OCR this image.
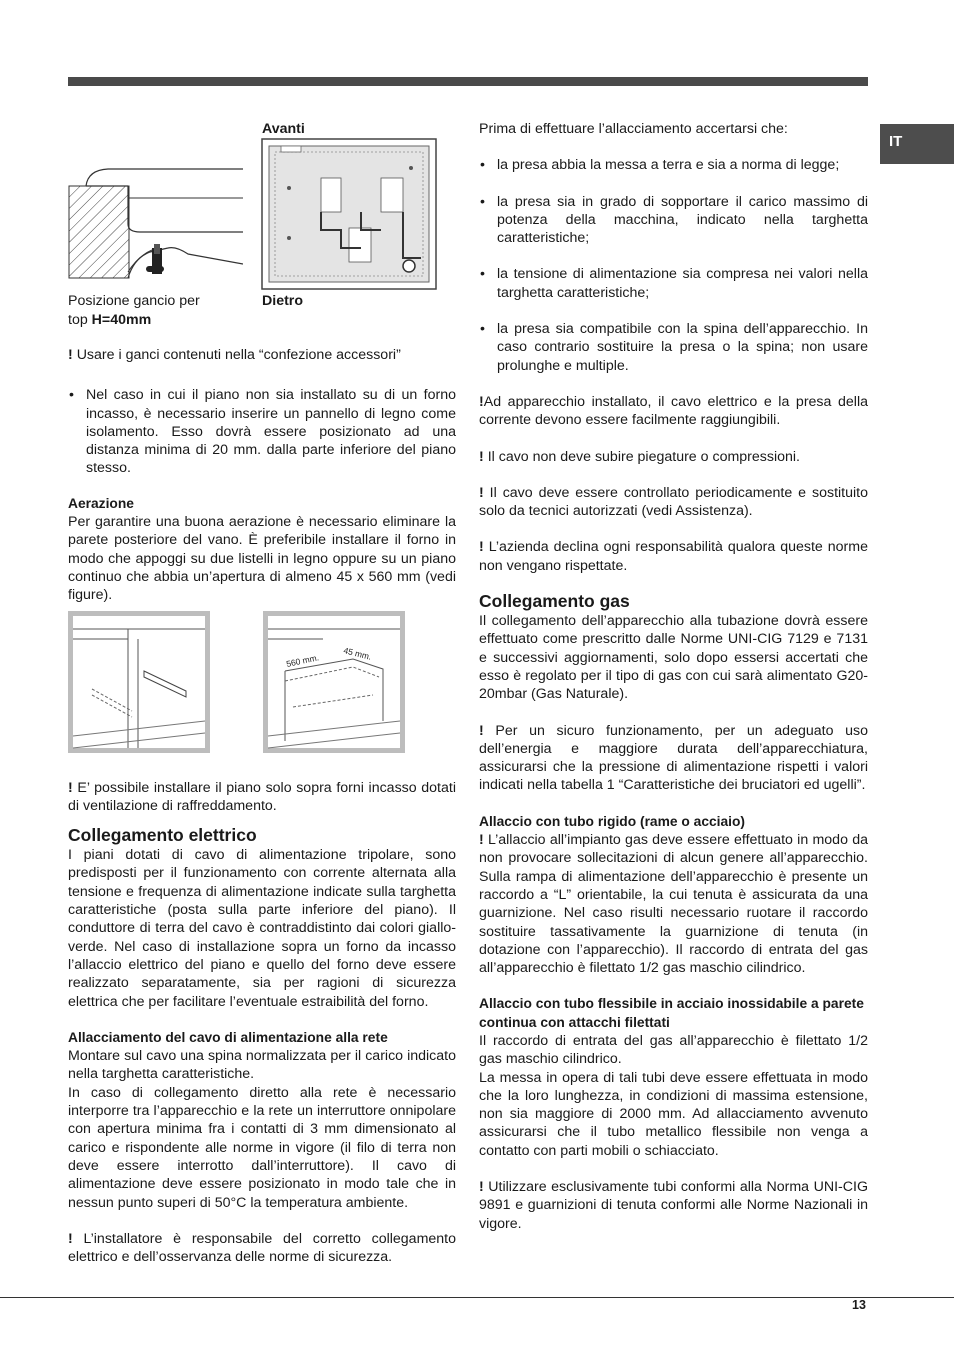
IT
Avanti
Dietro
Posizione gancio per
top H=40mm
! Usare i ganci contenuti nella “confezione accessori”
• Nel caso in cui il piano non sia installato su di un forno incasso, è necessario inserire un pannello di legno come isolamento. Esso dovrà essere posizionato ad una distanza minima di 20 mm. dalla parte inferiore del piano stesso.
Aerazione
Per garantire una buona aerazione è necessario eliminare la parete posteriore del vano. È preferibile installare il forno in modo che appoggi su due listelli in legno oppure su un piano continuo che abbia un’apertura di almeno 45 x 560 mm (vedi figure).
560 mm.	45 mm.
! E’ possibile installare il piano solo sopra forni incasso dotati di ventilazione di raffreddamento.
Collegamento elettrico
I piani dotati di cavo di alimentazione tripolare, sono predisposti per il funzionamento con corrente alternata alla tensione e frequenza di alimentazione indicate sulla targhetta caratteristiche (posta sulla parte inferiore del piano). Il conduttore di terra del cavo è contraddistinto dai colori giallo-verde. Nel caso di installazione sopra un forno da incasso l’allaccio elettrico del piano e quello del forno deve essere realizzato separatamente, sia per ragioni di sicurezza elettrica che per facilitare l’eventuale estraibilità del forno.
Allacciamento del cavo di alimentazione alla rete
Montare sul cavo una spina normalizzata per il carico indicato nella targhetta caratteristiche.
In caso di collegamento diretto alla rete è necessario interporre tra l’apparecchio e la rete un interruttore onnipolare con apertura minima fra i contatti di 3 mm dimensionato al carico e rispondente alle norme in vigore (il filo di terra non deve essere interrotto dall’interruttore). Il cavo di alimentazione deve essere posizionato in modo tale che in nessun punto superi di 50°C la temperatura ambiente.
! L’installatore è responsabile del corretto collegamento elettrico e dell’osservanza delle norme di sicurezza.
Prima di effettuare l’allacciamento accertarsi che:
• la presa abbia la messa a terra e sia a norma di legge;
• la presa sia in grado di sopportare il carico massimo di potenza della macchina, indicato nella targhetta caratteristiche;
• la tensione di alimentazione sia compresa nei valori nella targhetta caratteristiche;
• la presa sia compatibile con la spina dell’apparecchio. In caso contrario sostituire la presa o la spina; non usare prolunghe e multiple.
!Ad apparecchio installato, il cavo elettrico e la presa della corrente devono essere facilmente raggiungibili.
! Il cavo non deve subire piegature o compressioni.
! Il cavo deve essere controllato periodicamente e sostituito solo da tecnici autorizzati (vedi Assistenza).
! L’azienda declina ogni responsabilità qualora queste norme non vengano rispettate.
Collegamento gas
Il collegamento dell’apparecchio alla tubazione dovrà essere effettuato come prescritto dalle Norme UNI-CIG 7129 e 7131 e successivi aggiornamenti, solo dopo essersi accertati che esso è regolato per il tipo di gas con cui sarà alimentato G20-20mbar (Gas Naturale).
! Per un sicuro funzionamento, per un adeguato uso dell’energia e maggiore durata dell’apparecchiatura, assicurarsi che la pressione di alimentazione rispetti i valori indicati nella tabella 1 “Caratteristiche dei bruciatori ed ugelli”.
Allaccio con tubo rigido (rame o acciaio)
! L’allaccio all’impianto gas deve essere effettuato in modo da non provocare sollecitazioni di alcun genere all’apparecchio. Sulla rampa di alimentazione dell’apparecchio è presente un raccordo a “L” orientabile, la cui tenuta è assicurata da una guarnizione. Nel caso risulti necessario ruotare il raccordo sostituire tassativamente la guarnizione di tenuta (in dotazione con l’apparecchio). Il raccordo di entrata del gas all’apparecchio è filettato 1/2 gas maschio cilindrico.
Allaccio con tubo flessibile in acciaio inossidabile a parete continua con attacchi filettati
Il raccordo di entrata del gas all’apparecchio è filettato 1/2 gas maschio cilindrico.
La messa in opera di tali tubi deve essere effettuata in modo che la loro lunghezza, in condizioni di massima estensione, non sia maggiore di 2000 mm. Ad allacciamento avvenuto assicurarsi che il tubo metallico flessibile non venga a contatto con parti mobili o schiacciato.
! Utilizzare esclusivamente tubi conformi alla Norma UNI-CIG 9891 e guarnizioni di tenuta conformi alle Norme Nazionali in vigore.
13
